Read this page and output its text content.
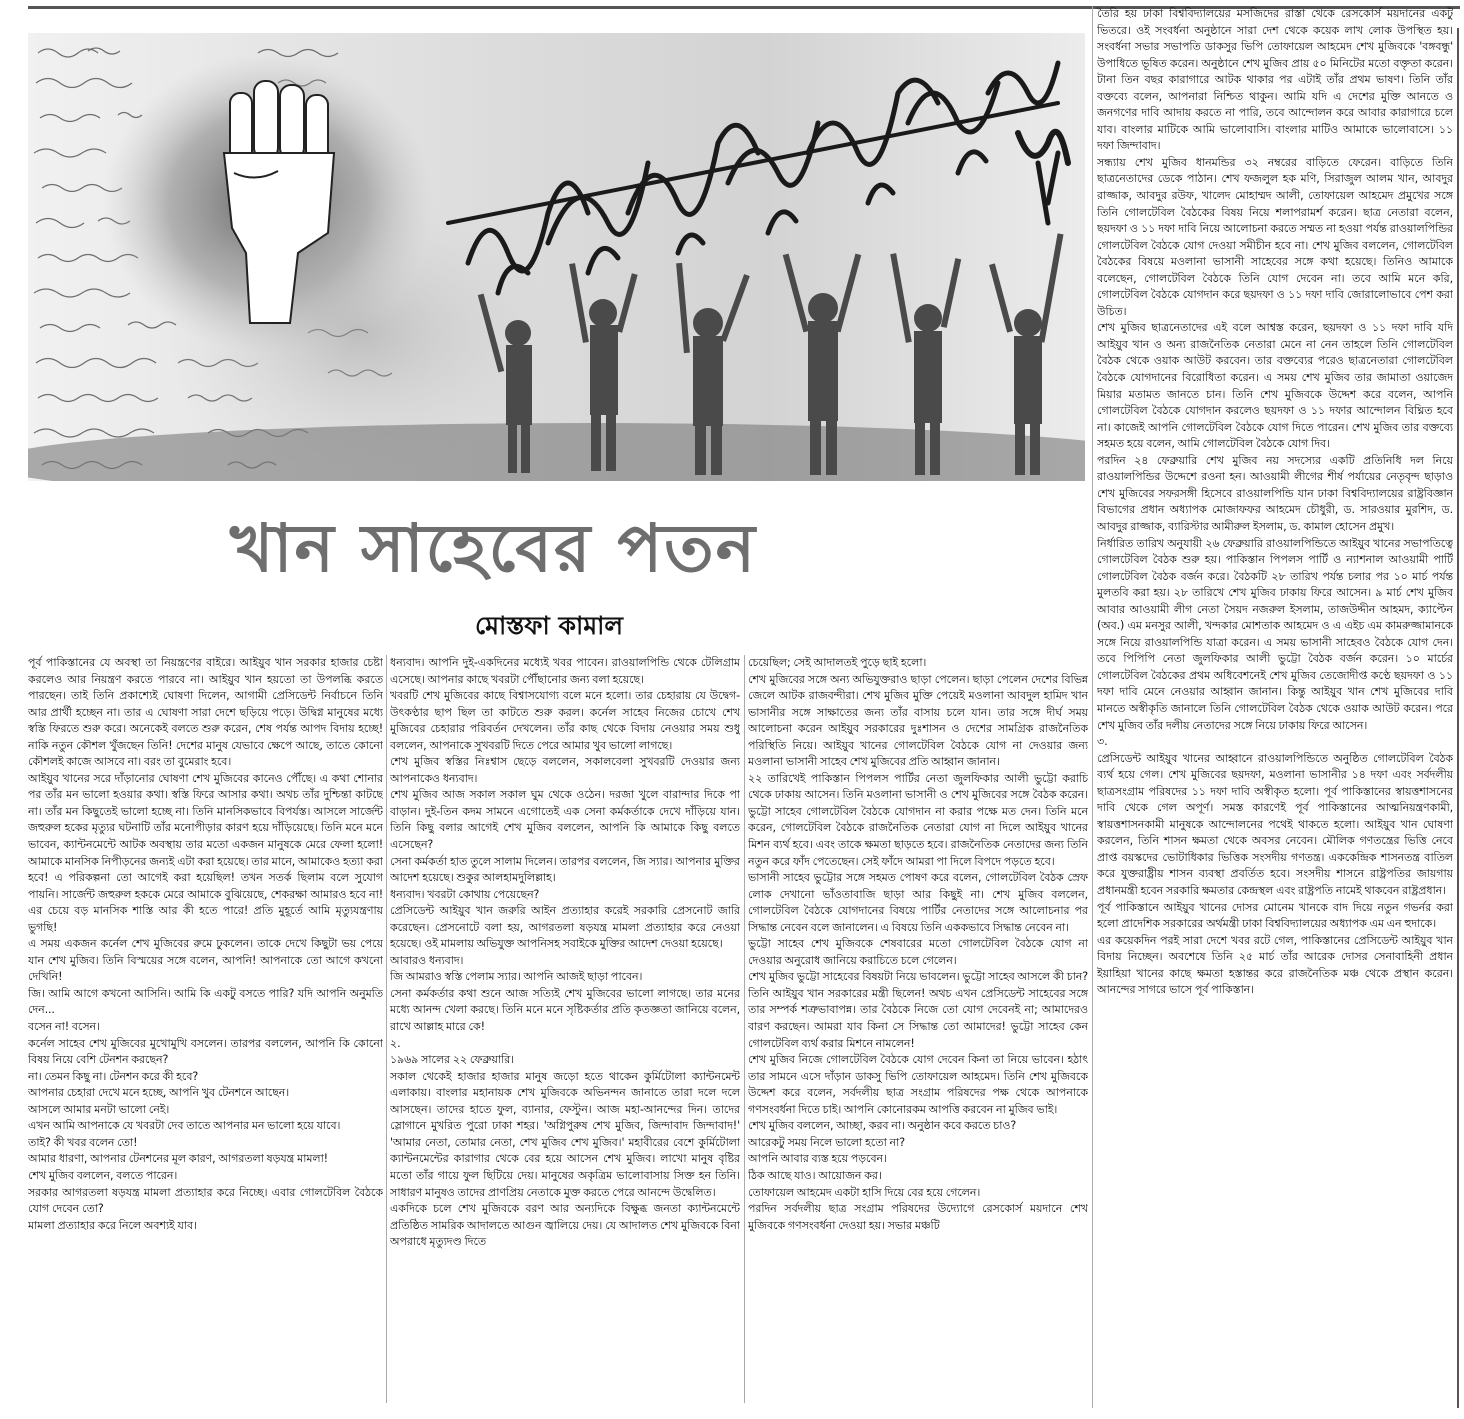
খান সাহেবের পতন
মোস্তফা কামাল

পূর্ব পাকিস্তানের যে অবস্থা তা নিয়ন্ত্রণের বাইরে। আইয়ুব খান সরকার হাজার চেষ্টা করলেও আর নিয়ন্ত্রণ করতে পারবে না। আইয়ুব খান হয়তো তা উপলব্ধি করতে পারছেন। তাই তিনি প্রকাশ্যেই ঘোষণা দিলেন, আগামী প্রেসিডেন্ট নির্বাচনে তিনি আর প্রার্থী হচ্ছেন না। তার এ ঘোষণা সারা দেশে ছড়িয়ে পড়ে। উদ্বিগ্ন মানুষের মধ্যে স্বস্তি ফিরতে শুরু করে। অনেকেই বলতে শুরু করেন, শেষ পর্যন্ত আপদ বিদায় হচ্ছে! নাকি নতুন কৌশল খুঁজছেন তিনি! দেশের মানুষ যেভাবে ক্ষেপে আছে, তাতে কোনো কৌশলই কাজে আসবে না। বরং তা বুমেরাং হবে।

আইয়ুব খানের সরে দাঁড়ানোর ঘোষণা শেখ মুজিবের কানেও পৌঁছে। এ কথা শোনার পর তাঁর মন ভালো হওয়ার কথা। স্বস্তি ফিরে আসার কথা। অথচ তাঁর দুশ্চিন্তা কাটছে না। তাঁর মন কিছুতেই ভালো হচ্ছে না। তিনি মানসিকভাবে বিপর্যস্ত। আসলে সার্জেন্ট জহুরুল হকের মৃত্যুর ঘটনাটি তাঁর মনোপীড়ার কারণ হয়ে দাঁড়িয়েছে। তিনি মনে মনে ভাবেন, ক্যান্টনমেন্টে আটক অবস্থায় তার মতো একজন মানুষকে মেরে ফেলা হলো! আমাকে মানসিক নিপীড়নের জন্যই এটা করা হয়েছে। তার মানে, আমাকেও হত্যা করা হবে! এ পরিকল্পনা তো আগেই করা হয়েছিল! তখন সতর্ক ছিলাম বলে সুযোগ পায়নি। সার্জেন্ট জহুরুল হককে মেরে আমাকে বুঝিয়েছে, শেকরক্ষা আমারও হবে না! এর চেয়ে বড় মানসিক শাস্তি আর কী হতে পারে! প্রতি মুহূর্তে আমি মৃত্যুযন্ত্রণায় ভুগছি!

এ সময় একজন কর্নেল শেখ মুজিবের রুমে ঢুকলেন। তাকে দেখে কিছুটা ভয় পেয়ে যান শেখ মুজিব। তিনি বিস্ময়ের সঙ্গে বলেন, আপনি! আপনাকে তো আগে কখনো দেখিনি!

জি। আমি আগে কখনো আসিনি। আমি কি একটু বসতে পারি? যদি আপনি অনুমতি দেন...

বসেন না! বসেন।

কর্নেল সাহেব শেখ মুজিবের মুখোমুখি বসলেন। তারপর বললেন, আপনি কি কোনো বিষয় নিয়ে বেশি টেনশন করছেন?

না। তেমন কিছু না। টেনশন করে কী হবে?

আপনার চেহারা দেখে মনে হচ্ছে, আপনি খুব টেনশনে আছেন।

আসলে আমার মনটা ভালো নেই।

এখন আমি আপনাকে যে খবরটা দেব তাতে আপনার মন ভালো হয়ে যাবে।

তাই? কী খবর বলেন তো!

আমার ধারণা, আপনার টেনশনের মূল কারণ, আগরতলা ষড়যন্ত্র মামলা!

শেখ মুজিব বললেন, বলতে পারেন।

সরকার আগরতলা ষড়যন্ত্র মামলা প্রত্যাহার করে নিচ্ছে। এবার গোলটেবিল বৈঠকে যোগ দেবেন তো?

মামলা প্রত্যাহার করে নিলে অবশ্যই যাব।

ধন্যবাদ। আপনি দুই-একদিনের মধ্যেই খবর পাবেন। রাওয়ালপিন্ডি থেকে টেলিগ্রাম এসেছে। আপনার কাছে খবরটা পৌঁছানোর জন্য বলা হয়েছে।

খবরটি শেখ মুজিবের কাছে বিশ্বাসযোগ্য বলে মনে হলো। তার চেহারায় যে উদ্বেগ-উৎকণ্ঠার ছাপ ছিল তা কাটতে শুরু করল। কর্নেল সাহেব নিজের চোখে শেখ মুজিবের চেহারার পরিবর্তন দেখলেন। তাঁর কাছ থেকে বিদায় নেওয়ার সময় শুধু বললেন, আপনাকে সুখবরটি দিতে পেরে আমার খুব ভালো লাগছে।

শেখ মুজিব স্বস্তির নিঃশ্বাস ছেড়ে বললেন, সকালবেলা সুখবরটি দেওয়ার জন্য আপনাকেও ধন্যবাদ।

শেখ মুজিব আজ সকাল সকাল ঘুম থেকে ওঠেন। দরজা খুলে বারান্দার দিকে পা বাড়ান। দুই-তিন কদম সামনে এগোতেই এক সেনা কর্মকর্তাকে দেখে দাঁড়িয়ে যান। তিনি কিছু বলার আগেই শেখ মুজিব বললেন, আপনি কি আমাকে কিছু বলতে এসেছেন?

সেনা কর্মকর্তা হাত তুলে সালাম দিলেন। তারপর বললেন, জি স্যার। আপনার মুক্তির আদেশ হয়েছে। শুকুর আলহামদুলিল্লাহ।

ধন্যবাদ। খবরটা কোথায় পেয়েছেন?

প্রেসিডেন্ট আইয়ুব খান জরুরি আইন প্রত্যাহার করেই সরকারি প্রেসনোট জারি করেছেন। প্রেসনোটে বলা হয়, আগরতলা ষড়যন্ত্র মামলা প্রত্যাহার করে নেওয়া হয়েছে। ওই মামলায় অভিযুক্ত আপনিসহ সবাইকে মুক্তির আদেশ দেওয়া হয়েছে।

আবারও ধন্যবাদ।

জি আমরাও স্বস্তি পেলাম স্যার। আপনি আজই ছাড়া পাবেন।

সেনা কর্মকর্তার কথা শুনে আজ সত্যিই শেখ মুজিবের ভালো লাগছে। তার মনের মধ্যে আনন্দ খেলা করছে। তিনি মনে মনে সৃষ্টিকর্তার প্রতি কৃতজ্ঞতা জানিয়ে বলেন, রাখে আল্লাহ মারে কে!

২.

১৯৬৯ সালের ২২ ফেব্রুয়ারি।

সকাল থেকেই হাজার হাজার মানুষ জড়ো হতে থাকেন কুর্মিটোলা ক্যান্টনমেন্ট এলাকায়। বাংলার মহানায়ক শেখ মুজিবকে অভিনন্দন জানাতে তারা দলে দলে আসছেন। তাদের হাতে ফুল, ব্যানার, ফেস্টুন। আজ মহা-আনন্দের দিন। তাদের স্লোগানে মুখরিত পুরো ঢাকা শহর। 'অগ্নিপুরুষ শেখ মুজিব, জিন্দাবাদ জিন্দাবাদ!' 'আমার নেতা, তোমার নেতা, শেখ মুজিব শেখ মুজিব।' মহাবীরের বেশে কুর্মিটোলা ক্যান্টনমেন্টের কারাগার থেকে বের হয়ে আসেন শেখ মুজিব। লাখো মানুষ বৃষ্টির মতো তাঁর গায়ে ফুল ছিটিয়ে দেয়। মানুষের অকৃত্রিম ভালোবাসায় সিক্ত হন তিনি। সাধারণ মানুষও তাদের প্রাণপ্রিয় নেতাকে মুক্ত করতে পেরে আনন্দে উদ্বেলিত।

একদিকে চলে শেখ মুজিবকে বরণ আর অন্যদিকে বিক্ষুব্ধ জনতা ক্যান্টনমেন্টে প্রতিষ্ঠিত সামরিক আদালতে আগুন জ্বালিয়ে দেয়। যে আদালত শেখ মুজিবকে বিনা অপরাধে মৃত্যুদণ্ড দিতে

চেয়েছিল; সেই আদালতই পুড়ে ছাই হলো।

শেখ মুজিবের সঙ্গে অন্য অভিযুক্তরাও ছাড়া পেলেন। ছাড়া পেলেন দেশের বিভিন্ন জেলে আটক রাজবন্দীরা। শেখ মুজিব মুক্তি পেয়েই মওলানা আবদুল হামিদ খান ভাসানীর সঙ্গে সাক্ষাতের জন্য তাঁর বাসায় চলে যান। তার সঙ্গে দীর্ঘ সময় আলোচনা করেন আইয়ুব সরকারের দুঃশাসন ও দেশের সামগ্রিক রাজনৈতিক পরিস্থিতি নিয়ে। আইয়ুব খানের গোলটেবিল বৈঠকে যোগ না দেওয়ার জন্য মওলানা ভাসানী সাহেব শেখ মুজিবের প্রতি আহ্বান জানান।

২২ তারিখেই পাকিস্তান পিপলস পার্টির নেতা জুলফিকার আলী ভুট্টো করাচি থেকে ঢাকায় আসেন। তিনি মওলানা ভাসানী ও শেখ মুজিবের সঙ্গে বৈঠক করেন। ভুট্টো সাহেব গোলটেবিল বৈঠকে যোগদান না করার পক্ষে মত দেন। তিনি মনে করেন, গোলটেবিল বৈঠকে রাজনৈতিক নেতারা যোগ না দিলে আইয়ুব খানের মিশন ব্যর্থ হবে। এবং তাকে ক্ষমতা ছাড়তে হবে। রাজনৈতিক নেতাদের জন্য তিনি নতুন করে ফাঁদ পেতেছেন। সেই ফাঁদে আমরা পা দিলে বিপদে পড়তে হবে।

ভাসানী সাহেব ভুট্টোর সঙ্গে সহমত পোষণ করে বলেন, গোলটেবিল বৈঠক স্রেফ লোক দেখানো ভাঁওতাবাজি ছাড়া আর কিছুই না। শেখ মুজিব বললেন, গোলটেবিল বৈঠকে যোগদানের বিষয়ে পার্টির নেতাদের সঙ্গে আলোচনার পর সিদ্ধান্ত নেবেন বলে জানালেন। এ বিষয়ে তিনি এককভাবে সিদ্ধান্ত নেবেন না।

ভুট্টো সাহেব শেখ মুজিবকে শেষবারের মতো গোলটেবিল বৈঠকে যোগ না দেওয়ার অনুরোধ জানিয়ে করাচিতে চলে গেলেন।

শেখ মুজিব ভুট্টো সাহেবের বিষয়টা নিয়ে ভাবলেন। ভুট্টো সাহেব আসলে কী চান? তিনি আইয়ুব খান সরকারের মন্ত্রী ছিলেন! অথচ এখন প্রেসিডেন্ট সাহেবের সঙ্গে তার সম্পর্ক শত্রুভাবাপন্ন। তার বৈঠকে নিজে তো যোগ দেবেনই না; আমাদেরও বারণ করছেন। আমরা যাব কিনা সে সিদ্ধান্ত তো আমাদের! ভুট্টো সাহেব কেন গোলটেবিল ব্যর্থ করার মিশনে নামলেন!

শেখ মুজিব নিজে গোলটেবিল বৈঠকে যোগ দেবেন কিনা তা নিয়ে ভাবেন। হঠাৎ তার সামনে এসে দাঁড়ান ডাকসু ভিপি তোফায়েল আহমেদ। তিনি শেখ মুজিবকে উদ্দেশ করে বলেন, সর্বদলীয় ছাত্র সংগ্রাম পরিষদের পক্ষ থেকে আপনাকে গণসংবর্ধনা দিতে চাই। আপনি কোনোরকম আপত্তি করবেন না মুজিব ভাই।

শেখ মুজিব বললেন, আচ্ছা, করব না। অনুষ্ঠান কবে করতে চাও?

আরেকটু সময় নিলে ভালো হতো না?

আপনি আবার ব্যস্ত হয়ে পড়বেন।

ঠিক আছে যাও। আয়োজন কর।

তোফায়েল আহমেদ একটা হাসি দিয়ে বের হয়ে গেলেন।

পরদিন সর্বদলীয় ছাত্র সংগ্রাম পরিষদের উদ্যোগে রেসকোর্স ময়দানে শেখ মুজিবকে গণসংবর্ধনা দেওয়া হয়। সভার মঞ্চটি

তৈরি হয় ঢাকা বিশ্ববিদ্যালয়ের মসজিদের রাস্তা থেকে রেসকোর্স ময়দানের একটু ভিতরে। ওই সংবর্ধনা অনুষ্ঠানে সারা দেশ থেকে কয়েক লাখ লোক উপস্থিত হয়। সংবর্ধনা সভার সভাপতি ডাকসুর ভিপি তোফায়েল আহমেদ শেখ মুজিবকে 'বঙ্গবন্ধু' উপাধিতে ভূষিত করেন। অনুষ্ঠানে শেখ মুজিব প্রায় ৫০ মিনিটের মতো বক্তৃতা করেন। টানা তিন বছর কারাগারে আটক থাকার পর এটাই তাঁর প্রথম ভাষণ। তিনি তাঁর বক্তব্যে বলেন, আপনারা নিশ্চিত থাকুন। আমি যদি এ দেশের মুক্তি আনতে ও জনগণের দাবি আদায় করতে না পারি, তবে আন্দোলন করে আবার কারাগারে চলে যাব। বাংলার মাটিকে আমি ভালোবাসি। বাংলার মাটিও আমাকে ভালোবাসে। ১১ দফা জিন্দাবাদ।

সন্ধ্যায় শেখ মুজিব ধানমন্ডির ৩২ নম্বরের বাড়িতে ফেরেন। বাড়িতে তিনি ছাত্রনেতাদের ডেকে পাঠান। শেখ ফজলুল হক মণি, সিরাজুল আলম খান, আবদুর রাজ্জাক, আবদুর রউফ, খালেদ মোহাম্মদ আলী, তোফায়েল আহমেদ প্রমুখের সঙ্গে তিনি গোলটেবিল বৈঠকের বিষয় নিয়ে শলাপরামর্শ করেন। ছাত্র নেতারা বলেন, ছয়দফা ও ১১ দফা দাবি নিয়ে আলোচনা করতে সম্মত না হওয়া পর্যন্ত রাওয়ালপিন্ডির গোলটেবিল বৈঠকে যোগ দেওয়া সমীচীন হবে না। শেখ মুজিব বললেন, গোলটেবিল বৈঠকের বিষয়ে মওলানা ভাসানী সাহেবের সঙ্গে কথা হয়েছে। তিনিও আমাকে বলেছেন, গোলটেবিল বৈঠকে তিনি যোগ দেবেন না। তবে আমি মনে করি, গোলটেবিল বৈঠকে যোগদান করে ছয়দফা ও ১১ দফা দাবি জোরালোভাবে পেশ করা উচিত।

শেখ মুজিব ছাত্রনেতাদের এই বলে আশ্বস্ত করেন, ছয়দফা ও ১১ দফা দাবি যদি আইয়ুব খান ও অন্য রাজনৈতিক নেতারা মেনে না নেন তাহলে তিনি গোলটেবিল বৈঠক থেকে ওয়াক আউট করবেন। তার বক্তব্যের পরেও ছাত্রনেতারা গোলটেবিল বৈঠকে যোগদানের বিরোধিতা করেন। এ সময় শেখ মুজিব তার জামাতা ওয়াজেদ মিয়ার মতামত জানতে চান। তিনি শেখ মুজিবকে উদ্দেশ করে বলেন, আপনি গোলটেবিল বৈঠকে যোগদান করলেও ছয়দফা ও ১১ দফার আন্দোলন বিঘ্নিত হবে না। কাজেই আপনি গোলটেবিল বৈঠকে যোগ দিতে পারেন। শেখ মুজিব তার বক্তব্যে সহমত হয়ে বলেন, আমি গোলটেবিল বৈঠকে যোগ দিব।

পরদিন ২৪ ফেব্রুয়ারি শেখ মুজিব নয় সদস্যের একটি প্রতিনিধি দল নিয়ে রাওয়ালপিন্ডির উদ্দেশে রওনা হন। আওয়ামী লীগের শীর্ষ পর্যায়ের নেতৃবৃন্দ ছাড়াও শেখ মুজিবের সফরসঙ্গী হিসেবে রাওয়ালপিন্ডি যান ঢাকা বিশ্ববিদ্যালয়ের রাষ্ট্রবিজ্ঞান বিভাগের প্রধান অধ্যাপক মোজাফফর আহমেদ চৌধুরী, ড. সারওয়ার মুরশিদ, ড. আবদুর রাজ্জাক, ব্যারিস্টার আমীরুল ইসলাম, ড. কামাল হোসেন প্রমুখ।

নির্ধারিত তারিখ অনুযায়ী ২৬ ফেব্রুয়ারি রাওয়ালপিন্ডিতে আইয়ুব খানের সভাপতিত্বে গোলটেবিল বৈঠক শুরু হয়। পাকিস্তান পিপলস পার্টি ও ন্যাশনাল আওয়ামী পার্টি গোলটেবিল বৈঠক বর্জন করে। বৈঠকটি ২৮ তারিখ পর্যন্ত চলার পর ১০ মার্চ পর্যন্ত মুলতবি করা হয়। ২৮ তারিখে শেখ মুজিব ঢাকায় ফিরে আসেন। ৯ মার্চ শেখ মুজিব আবার আওয়ামী লীগ নেতা সৈয়দ নজরুল ইসলাম, তাজউদ্দীন আহমদ, ক্যাপ্টেন (অব.) এম মনসুর আলী, খন্দকার মোশতাক আহমেদ ও এ এইচ এম কামরুজ্জামানকে সঙ্গে নিয়ে রাওয়ালপিন্ডি যাত্রা করেন। এ সময় ভাসানী সাহেবও বৈঠকে যোগ দেন। তবে পিপিপি নেতা জুলফিকার আলী ভুট্টো বৈঠক বর্জন করেন। ১০ মার্চের গোলটেবিল বৈঠকের প্রথম অধিবেশনেই শেখ মুজিব তেজোদীপ্ত কণ্ঠে ছয়দফা ও ১১ দফা দাবি মেনে নেওয়ার আহ্বান জানান। কিন্তু আইয়ুব খান শেখ মুজিবের দাবি মানতে অস্বীকৃতি জানালে তিনি গোলটেবিল বৈঠক থেকে ওয়াক আউট করেন। পরে শেখ মুজিব তাঁর দলীয় নেতাদের সঙ্গে নিয়ে ঢাকায় ফিরে আসেন।

৩.

প্রেসিডেন্ট আইয়ুব খানের আহ্বানে রাওয়ালপিন্ডিতে অনুষ্ঠিত গোলটেবিল বৈঠক ব্যর্থ হয়ে গেল। শেখ মুজিবের ছয়দফা, মওলানা ভাসানীর ১৪ দফা এবং সর্বদলীয় ছাত্রসংগ্রাম পরিষদের ১১ দফা দাবি অস্বীকৃত হলো। পূর্ব পাকিস্তানের স্বায়ত্তশাসনের দাবি থেকে গেল অপূর্ণ। সমস্ত কারণেই পূর্ব পাকিস্তানের আত্মনিয়ন্ত্রণকামী, স্বায়ত্তশাসনকামী মানুষকে আন্দোলনের পথেই থাকতে হলো। আইয়ুব খান ঘোষণা করলেন, তিনি শাসন ক্ষমতা থেকে অবসর নেবেন। মৌলিক গণতন্ত্রের ভিত্তি নেবে প্রাপ্ত বয়স্কদের ভোটাধিকার ভিত্তিক সংসদীয় গণতন্ত্র। এককেন্দ্রিক শাসনতন্ত্র বাতিল করে যুক্তরাষ্ট্রীয় শাসন ব্যবস্থা প্রবর্তিত হবে। সংসদীয় শাসনে রাষ্ট্রপতির জায়গায় প্রধানমন্ত্রী হবেন সরকারি ক্ষমতার কেন্দ্রস্থল এবং রাষ্ট্রপতি নামেই থাকবেন রাষ্ট্রপ্রধান।

পূর্ব পাকিস্তানে আইয়ুব খানের দোসর মোনেম খানকে বাদ দিয়ে নতুন গভর্নর করা হলো প্রাদেশিক সরকারের অর্থমন্ত্রী ঢাকা বিশ্ববিদ্যালয়ের অধ্যাপক এম এন হুদাকে।

এর কয়েকদিন পরই সারা দেশে খবর রটে গেল, পাকিস্তানের প্রেসিডেন্ট আইয়ুব খান বিদায় নিচ্ছেন। অবশেষে তিনি ২৫ মার্চ তাঁর আরেক দোসর সেনাবাহিনী প্রধান ইয়াহিয়া খানের কাছে ক্ষমতা হস্তান্তর করে রাজনৈতিক মঞ্চ থেকে প্রস্থান করেন। আনন্দের সাগরে ভাসে পূর্ব পাকিস্তান।
